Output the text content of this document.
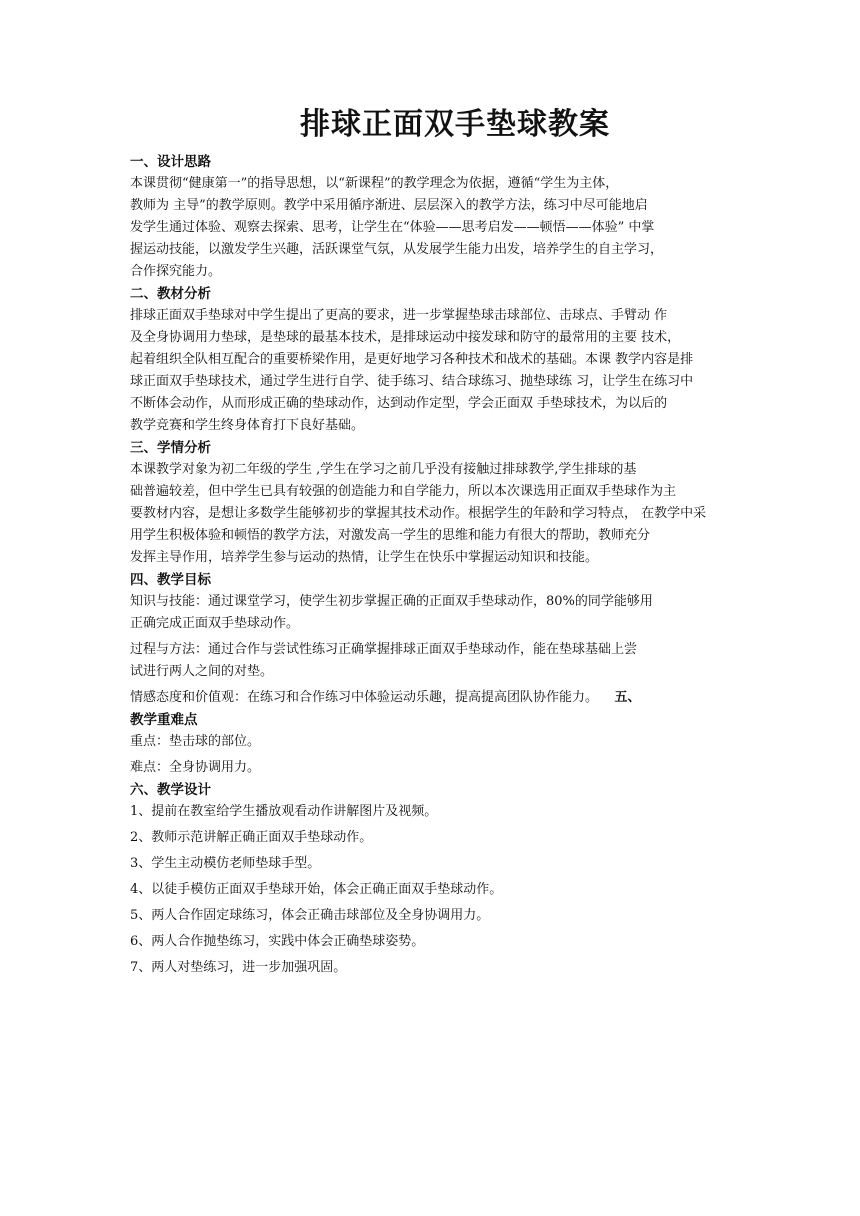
排球正面双手垫球教案
一、设计思路

本课贯彻“健康第一”的指导思想，以“新课程”的教学理念为依据，遵循“学生为主体，

教师为 主导”的教学原则。教学中采用循序渐进、层层深入的教学方法，练习中尽可能地启

发学生通过体验、观察去探索、思考，让学生在“体验——思考启发——顿悟——体验” 中掌

握运动技能，以激发学生兴趣，活跃课堂气氛，从发展学生能力出发，培养学生的自主学习，

合作探究能力。

二、教材分析

排球正面双手垫球对中学生提出了更高的要求，进一步掌握垫球击球部位、击球点、手臂动 作

及全身协调用力垫球，是垫球的最基本技术，是排球运动中接发球和防守的最常用的主要 技术，

起着组织全队相互配合的重要桥梁作用，是更好地学习各种技术和战术的基础。本课 教学内容是排

球正面双手垫球技术，通过学生进行自学、徒手练习、结合球练习、抛垫球练 习，让学生在练习中

不断体会动作，从而形成正确的垫球动作，达到动作定型，学会正面双 手垫球技术，为以后的

教学竞赛和学生终身体育打下良好基础。

三、学情分析

本课教学对象为初二年级的学生 ,学生在学习之前几乎没有接触过排球教学,学生排球的基

础普遍较差，但中学生已具有较强的创造能力和自学能力，所以本次课选用正面双手垫球作为主

要教材内容，是想让多数学生能够初步的掌握其技术动作。根据学生的年龄和学习特点， 在教学中采

用学生积极体验和顿悟的教学方法，对激发高一学生的思维和能力有很大的帮助，教师充分

发挥主导作用，培养学生参与运动的热情，让学生在快乐中掌握运动知识和技能。

四、教学目标

知识与技能：通过课堂学习，使学生初步掌握正确的正面双手垫球动作，80%的同学能够用

正确完成正面双手垫球动作。

过程与方法：通过合作与尝试性练习正确掌握排球正面双手垫球动作，能在垫球基础上尝

试进行两人之间的对垫。

情感态度和价值观：在练习和合作练习中体验运动乐趣，提高提高团队协作能力。 五、

教学重难点

重点：垫击球的部位。

难点：全身协调用力。

六、教学设计

1、提前在教室给学生播放观看动作讲解图片及视频。

2、教师示范讲解正确正面双手垫球动作。

3、学生主动模仿老师垫球手型。

4、以徒手模仿正面双手垫球开始，体会正确正面双手垫球动作。

5、两人合作固定球练习，体会正确击球部位及全身协调用力。

6、两人合作抛垫练习，实践中体会正确垫球姿势。

7、两人对垫练习，进一步加强巩固。
